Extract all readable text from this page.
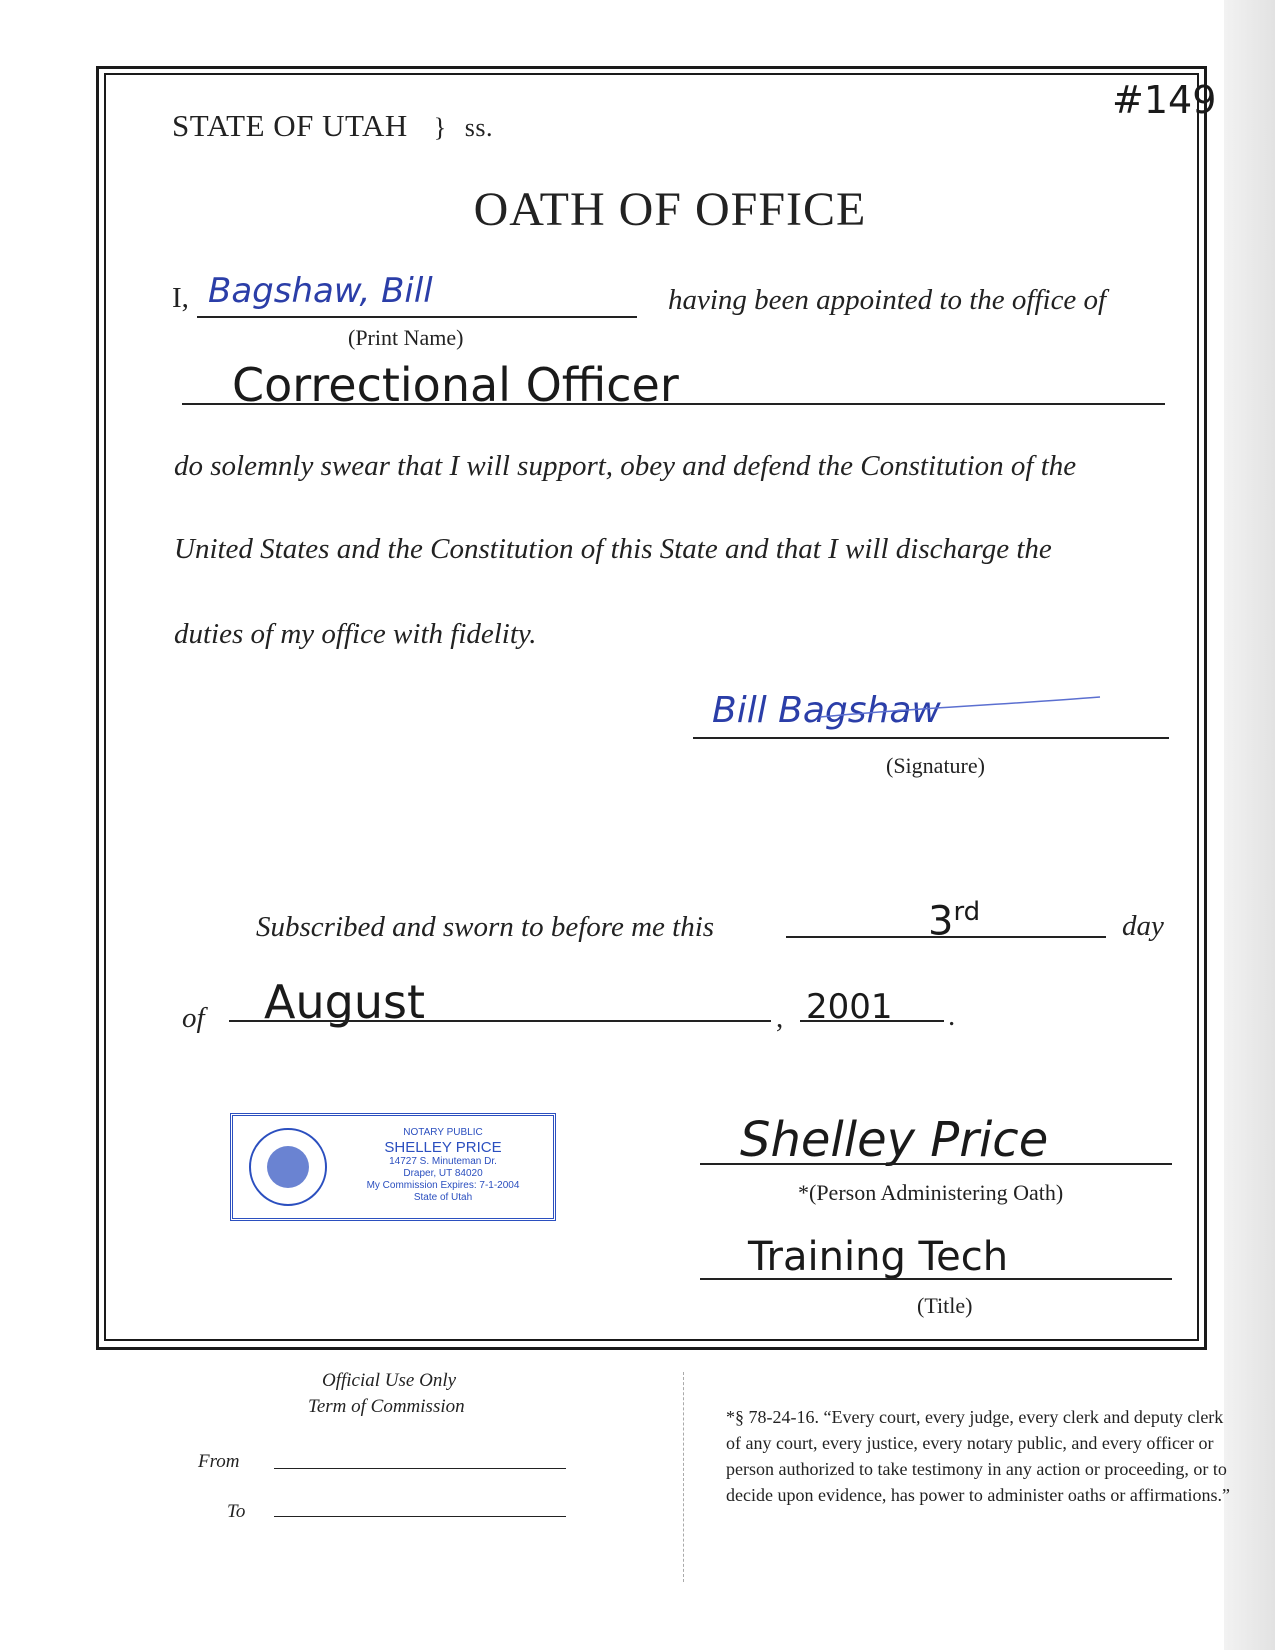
STATE OF UTAH } ss.
#149
OATH OF OFFICE
I, Bagshaw, Bill
(Print Name)
having been appointed to the office of
Correctional Officer
do solemnly swear that I will support, obey and defend the Constitution of the
United States and the Constitution of this State and that I will discharge the
duties of my office with fidelity.
Bill Bagshaw
(Signature)
Subscribed and sworn to before me this	3rd	day
of August	, 2001 .
NOTARY PUBLIC
SHELLEY PRICE
14727 S. Minuteman Dr.
Draper, UT 84020
My Commission Expires: 7-1-2004
State of Utah
Shelley Price
*(Person Administering Oath)
Training Tech
(Title)
Official Use Only
Term of Commission
From
To
*§ 78-24-16. “Every court, every judge, every clerk and deputy clerk of any court, every justice, every notary public, and every officer or person authorized to take testimony in any action or proceeding, or to decide upon evidence, has power to administer oaths or affirmations.”
